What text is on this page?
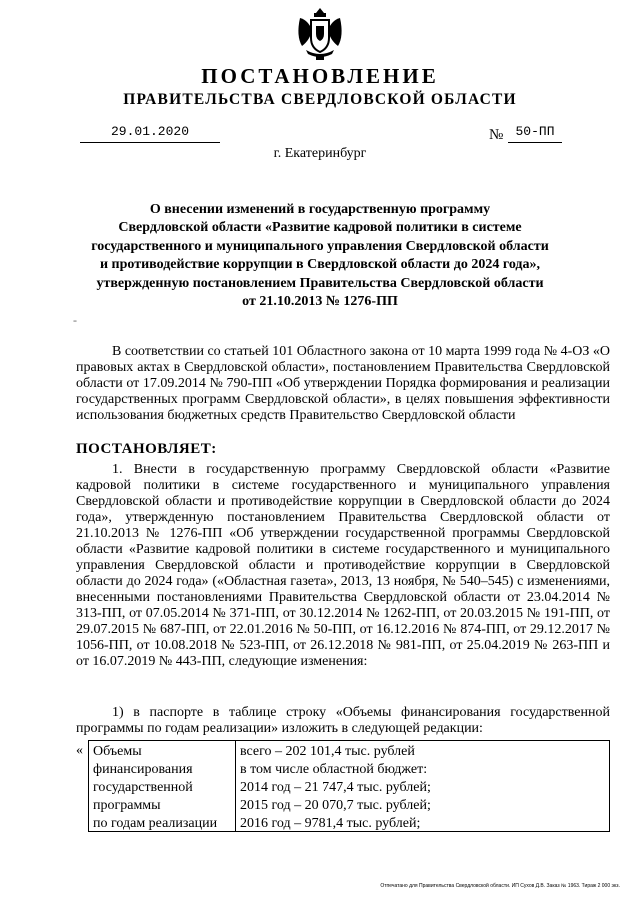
ПОСТАНОВЛЕНИЕ
ПРАВИТЕЛЬСТВА СВЕРДЛОВСКОЙ ОБЛАСТИ
29.01.2020	№ 50-ПП
г. Екатеринбург
О внесении изменений в государственную программу
Свердловской области «Развитие кадровой политики в системе
государственного и муниципального управления Свердловской области
и противодействие коррупции в Свердловской области до 2024 года»,
утвержденную постановлением Правительства Свердловской области
от 21.10.2013 № 1276-ПП
-
В соответствии со статьей 101 Областного закона от 10 марта 1999 года № 4-ОЗ «О правовых актах в Свердловской области», постановлением Правительства Свердловской области от 17.09.2014 № 790-ПП «Об утверждении Порядка формирования и реализации государственных программ Свердловской области», в целях повышения эффективности использования бюджетных средств Правительство Свердловской области
ПОСТАНОВЛЯЕТ:
1. Внести в государственную программу Свердловской области «Развитие кадровой политики в системе государственного и муниципального управления Свердловской области и противодействие коррупции в Свердловской области до 2024 года», утвержденную постановлением Правительства Свердловской области от 21.10.2013 № 1276-ПП «Об утверждении государственной программы Свердловской области «Развитие кадровой политики в системе государственного и муниципального управления Свердловской области и противодействие коррупции в Свердловской области до 2024 года» («Областная газета», 2013, 13 ноября, № 540–545) с изменениями, внесенными постановлениями Правительства Свердловской области от 23.04.2014 № 313-ПП, от 07.05.2014 № 371-ПП, от 30.12.2014 № 1262-ПП, от 20.03.2015 № 191-ПП, от 29.07.2015 № 687-ПП, от 22.01.2016 № 50-ПП, от 16.12.2016 № 874-ПП, от 29.12.2017 № 1056-ПП, от 10.08.2018 № 523-ПП, от 26.12.2018 № 981-ПП, от 25.04.2019 № 263-ПП и от 16.07.2019 № 443-ПП, следующие изменения:
1) в паспорте в таблице строку «Объемы финансирования государственной программы по годам реализации» изложить в следующей редакции:
« Объемы
финансирования
государственной
программы
по годам реализации
всего – 202 101,4 тыс. рублей
в том числе областной бюджет:
2014 год – 21 747,4 тыс. рублей;
2015 год – 20 070,7 тыс. рублей;
2016 год – 9781,4 тыс. рублей;
Отпечатано для Правительства Свердловской области. ИП Сухов Д.В. Заказ № 1963. Тираж 2 000 экз.
